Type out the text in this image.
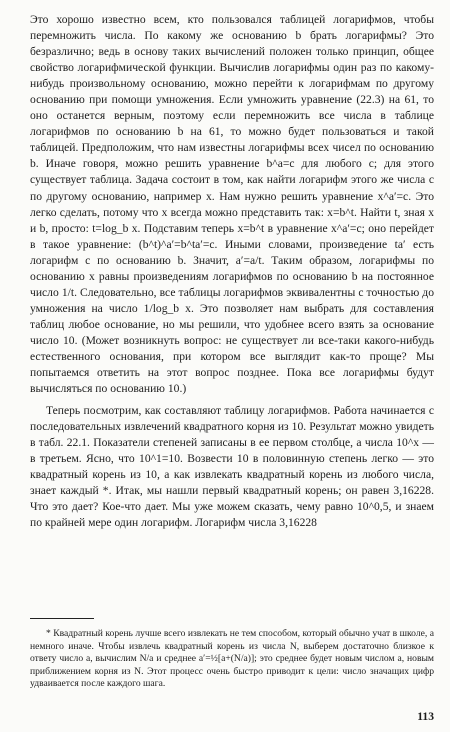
Это хорошо известно всем, кто пользовался таблицей логарифмов, чтобы перемножить числа. По какому же основанию b брать логарифмы? Это безразлично; ведь в основу таких вычислений положен только принцип, общее свойство логарифмической функции. Вычислив логарифмы один раз по какому-нибудь произвольному основанию, можно перейти к логарифмам по другому основанию при помощи умножения. Если умножить уравнение (22.3) на 61, то оно останется верным, поэтому если перемножить все числа в таблице логарифмов по основанию b на 61, то можно будет пользоваться и такой таблицей. Предположим, что нам известны логарифмы всех чисел по основанию b. Иначе говоря, можно решить уравнение b^a=c для любого c; для этого существует таблица. Задача состоит в том, как найти логарифм этого же числа c по другому основанию, например x. Нам нужно решить уравнение x^a′=c. Это легко сделать, потому что x всегда можно представить так: x=b^t. Найти t, зная x и b, просто: t=log_b x. Подставим теперь x=b^t в уравнение x^a′=c; оно перейдет в такое уравнение: (b^t)^a′=b^ta′=c. Иными словами, произведение ta′ есть логарифм c по основанию b. Значит, a′=a/t. Таким образом, логарифмы по основанию x равны произведениям логарифмов по основанию b на постоянное число 1/t. Следовательно, все таблицы логарифмов эквивалентны с точностью до умножения на число 1/log_b x. Это позволяет нам выбрать для составления таблиц любое основание, но мы решили, что удобнее всего взять за основание число 10. (Может возникнуть вопрос: не существует ли все-таки какого-нибудь естественного основания, при котором все выглядит как-то проще? Мы попытаемся ответить на этот вопрос позднее. Пока все логарифмы будут вычисляться по основанию 10.)

Теперь посмотрим, как составляют таблицу логарифмов. Работа начинается с последовательных извлечений квадратного корня из 10. Результат можно увидеть в табл. 22.1. Показатели степеней записаны в ее первом столбце, а числа 10^x — в третьем. Ясно, что 10^1=10. Возвести 10 в половинную степень легко — это квадратный корень из 10, а как извлекать квадратный корень из любого числа, знает каждый *. Итак, мы нашли первый квадратный корень; он равен 3,16228. Что это дает? Кое-что дает. Мы уже можем сказать, чему равно 10^0,5, и знаем по крайней мере один логарифм. Логарифм числа 3,16228

* Квадратный корень лучше всего извлекать не тем способом, который обычно учат в школе, а немного иначе. Чтобы извлечь квадратный корень из числа N, выберем достаточно близкое к ответу число a, вычислим N/a и среднее a′=½[a+(N/a)]; это среднее будет новым числом a, новым приближением корня из N. Этот процесс очень быстро приводит к цели: число значащих цифр удваивается после каждого шага.

113
